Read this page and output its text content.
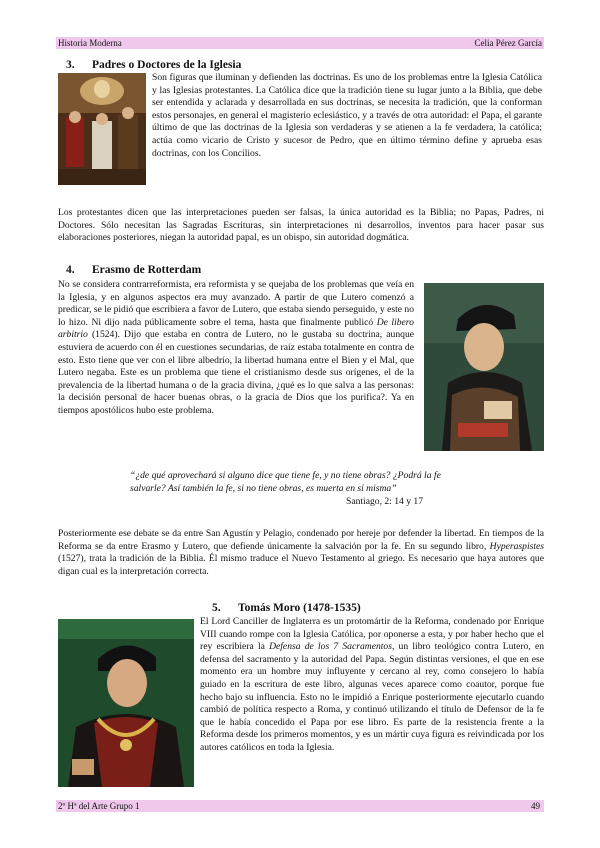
Historia Moderna	Celia Pérez García
3. Padres o Doctores de la Iglesia

Son figuras que iluminan y defienden las doctrinas. Es uno de los problemas entre la Iglesia Católica y las Iglesias protestantes. La Católica dice que la tradición tiene su lugar junto a la Biblia, que debe ser entendida y aclarada y desarrollada en sus doctrinas, se necesita la tradición, que la conforman estos personajes, en general el magisterio eclesiástico, y a través de otra autoridad: el Papa, el garante último de que las doctrinas de la Iglesia son verdaderas y se atienen a la fe verdadera, la católica; actúa como vicario de Cristo y sucesor de Pedro, que en último término define y aprueba esas doctrinas, con los Concilios.

Los protestantes dicen que las interpretaciones pueden ser falsas, la única autoridad es la Biblia; no Papas, Padres, ni Doctores. Sólo necesitan las Sagradas Escrituras, sin interpretaciones ni desarrollos, inventos para hacer pasar sus elaboraciones posteriores, niegan la autoridad papal, es un obispo, sin autoridad dogmática.

4. Erasmo de Rotterdam

No se considera contrarreformista, era reformista y se quejaba de los problemas que veía en la Iglesia, y en algunos aspectos era muy avanzado. A partir de que Lutero comenzó a predicar, se le pidió que escribiera a favor de Lutero, que estaba siendo perseguido, y este no lo hizo. Ni dijo nada públicamente sobre el tema, hasta que finalmente publicó De libero arbitrio (1524). Dijo que estaba en contra de Lutero, no le gustaba su doctrina, aunque estuviera de acuerdo con él en cuestiones secundarias, de raíz estaba totalmente en contra de esto. Esto tiene que ver con el libre albedrío, la libertad humana entre el Bien y el Mal, que Lutero negaba. Este es un problema que tiene el cristianismo desde sus orígenes, el de la prevalencia de la libertad humana o de la gracia divina, ¿qué es lo que salva a las personas: la decisión personal de hacer buenas obras, o la gracia de Dios que los purifica?. Ya en tiempos apostólicos hubo este problema.

“¿de qué aprovechará si alguno dice que tiene fe, y no tiene obras? ¿Podrá la fe salvarle? Así también la fe, si no tiene obras, es muerta en sí misma”

Santiago, 2: 14 y 17

Posteriormente ese debate se da entre San Agustín y Pelagio, condenado por hereje por defender la libertad. En tiempos de la Reforma se da entre Erasmo y Lutero, que defiende únicamente la salvación por la fe. En su segundo libro, Hyperaspistes (1527), trata la tradición de la Biblia. Él mismo traduce el Nuevo Testamento al griego. Es necesario que haya autores que digan cual es la interpretación correcta.

5. Tomás Moro (1478-1535)

El Lord Canciller de Inglaterra es un protomártir de la Reforma, condenado por Enrique VIII cuando rompe con la Iglesia Católica, por oponerse a esta, y por haber hecho que el rey escribiera la Defensa de los 7 Sacramentos, un libro teológico contra Lutero, en defensa del sacramento y la autoridad del Papa. Según distintas versiones, el que en ese momento era un hombre muy influyente y cercano al rey, como consejero lo había guiado en la escritura de este libro, algunas veces aparece como coautor, porque fue hecho bajo su influencia. Esto no le impidió a Enrique posteriormente ejecutarlo cuando cambió de política respecto a Roma, y continuó utilizando el título de Defensor de la fe que le había concedido el Papa por ese libro. Es parte de la resistencia frente a la Reforma desde los primeros momentos, y es un mártir cuya figura es reivindicada por los autores católicos en toda la Iglesia.

2º Hª del Arte Grupo 1	49
